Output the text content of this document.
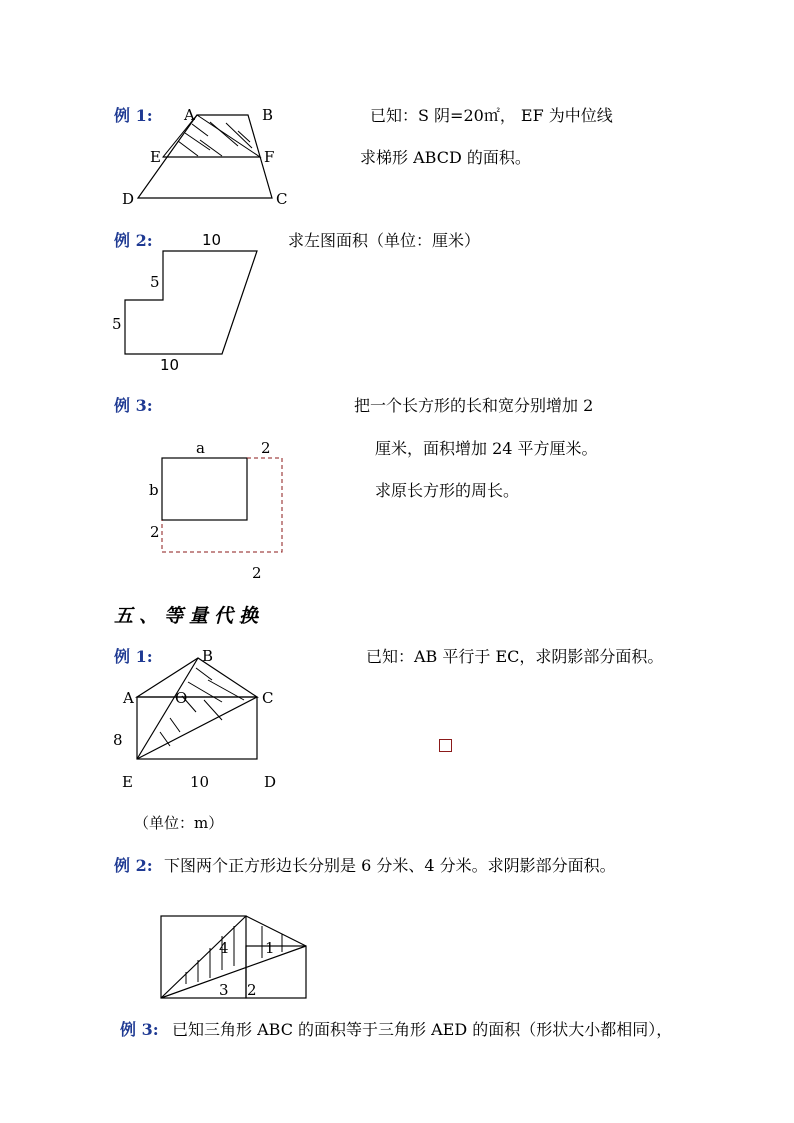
例 1: A	B
E	F
D	C
已知：S 阴=20㎡， EF 为中位线
求梯形 ABCD 的面积。
例 2:	10
5
5
10
求左图面积（单位：厘米）
例 3:	把一个长方形的长和宽分别增加 2
厘米，面积增加 24 平方厘米。
求原长方形的周长。
a	2
b
2
2
五、等量代换
例 1:	已知：AB 平行于 EC，求阴影部分面积。
B
A	O	C
8
E	10	D
（单位：m）
例 2: 下图两个正方形边长分别是 6 分米、4 分米。求阴影部分面积。
4 1
3 2
例 3: 已知三角形 ABC 的面积等于三角形 AED 的面积（形状大小都相同），
